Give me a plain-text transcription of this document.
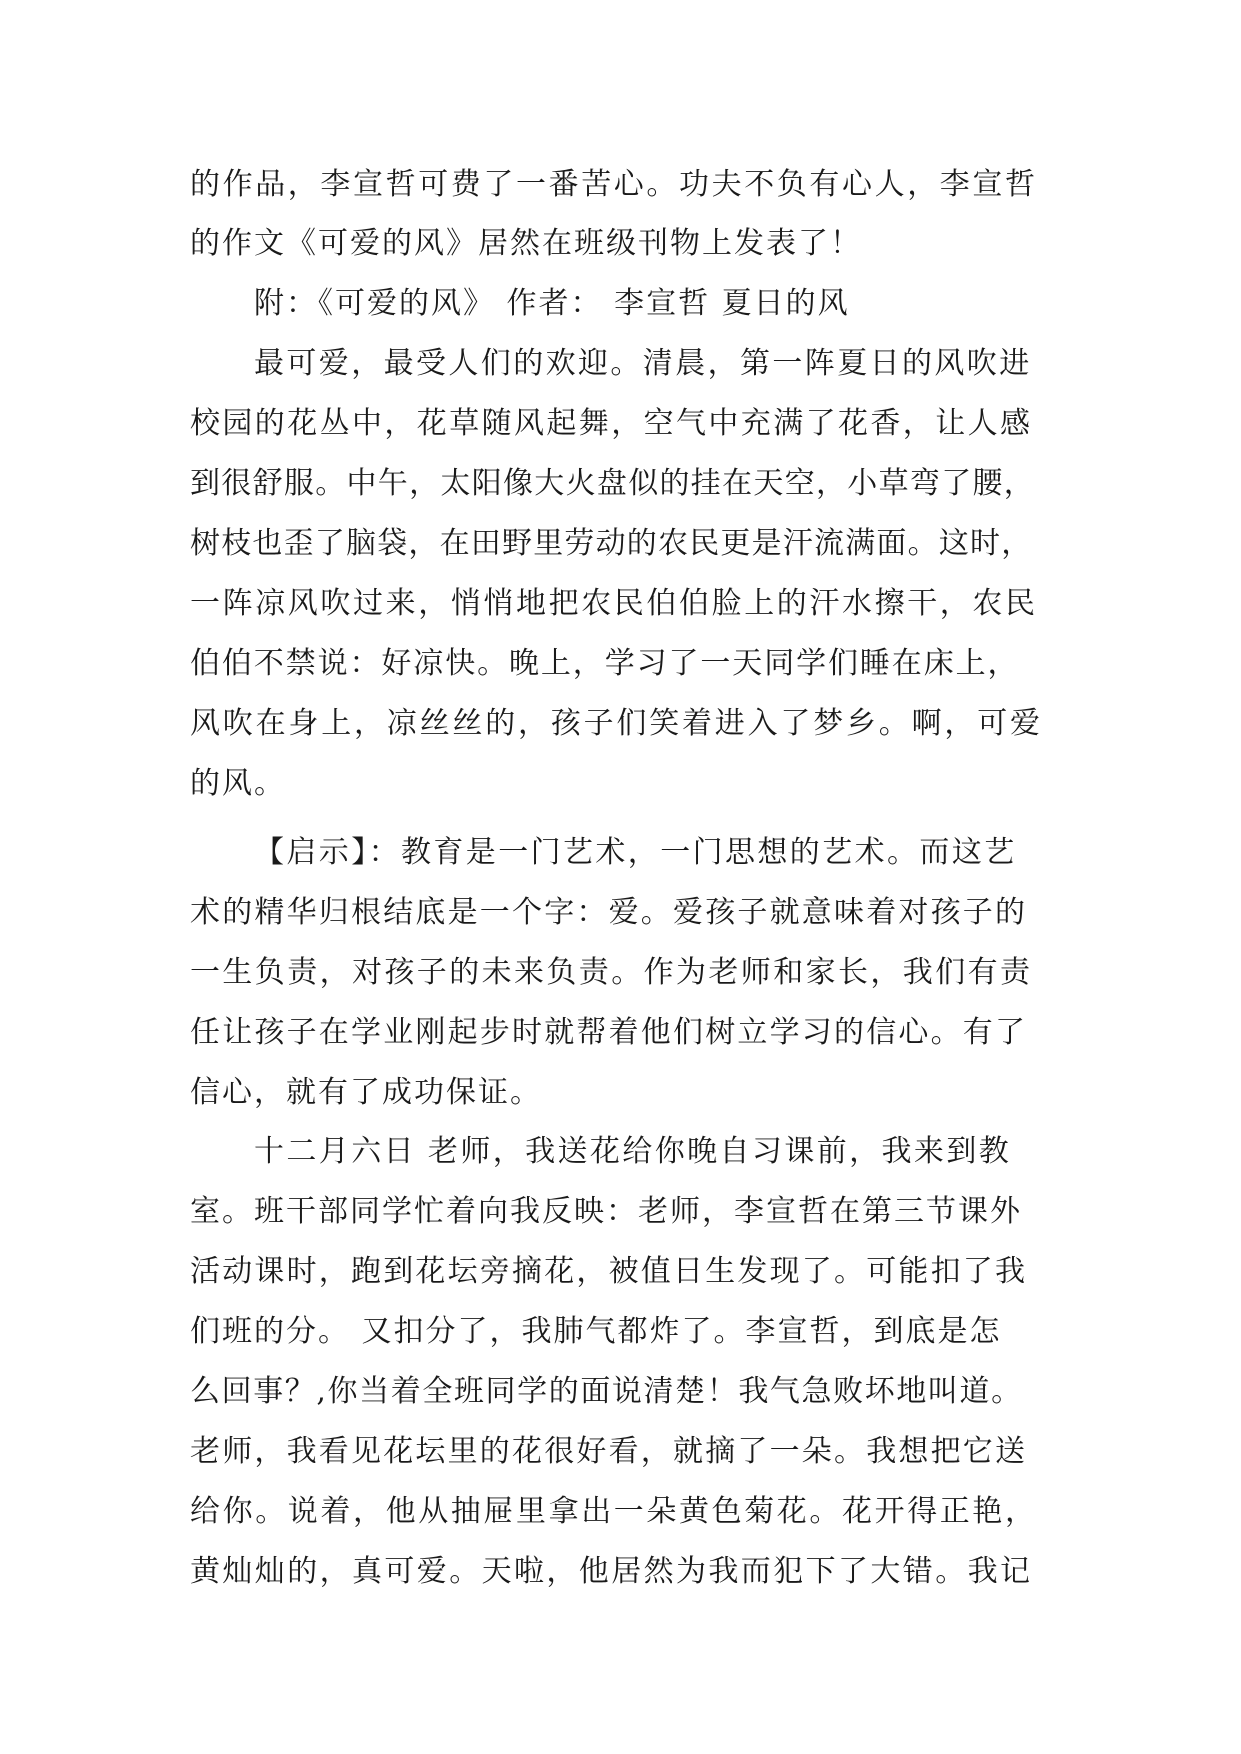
的作品，李宣哲可费了一番苦心。功夫不负有心人，李宣哲
的作文《可爱的风》居然在班级刊物上发表了！
附：《可爱的风》 作者： 李宣哲 夏日的风
最可爱，最受人们的欢迎。清晨，第一阵夏日的风吹进
校园的花丛中，花草随风起舞，空气中充满了花香，让人感
到很舒服。中午，太阳像大火盘似的挂在天空，小草弯了腰，
树枝也歪了脑袋，在田野里劳动的农民更是汗流满面。这时，
一阵凉风吹过来，悄悄地把农民伯伯脸上的汗水擦干，农民
伯伯不禁说：好凉快。晚上，学习了一天同学们睡在床上，
风吹在身上，凉丝丝的，孩子们笑着进入了梦乡。啊，可爱
的风。
【启示】：教育是一门艺术，一门思想的艺术。而这艺
术的精华归根结底是一个字：爱。爱孩子就意味着对孩子的
一生负责，对孩子的未来负责。作为老师和家长，我们有责
任让孩子在学业刚起步时就帮着他们树立学习的信心。有了
信心，就有了成功保证。
十二月六日 老师，我送花给你晚自习课前，我来到教
室。班干部同学忙着向我反映：老师，李宣哲在第三节课外
活动课时，跑到花坛旁摘花，被值日生发现了。可能扣了我
们班的分。 又扣分了，我肺气都炸了。李宣哲，到底是怎
么回事？,你当着全班同学的面说清楚！我气急败坏地叫道。
老师，我看见花坛里的花很好看，就摘了一朵。我想把它送
给你。说着，他从抽屉里拿出一朵黄色菊花。花开得正艳，
黄灿灿的，真可爱。天啦，他居然为我而犯下了大错。我记
